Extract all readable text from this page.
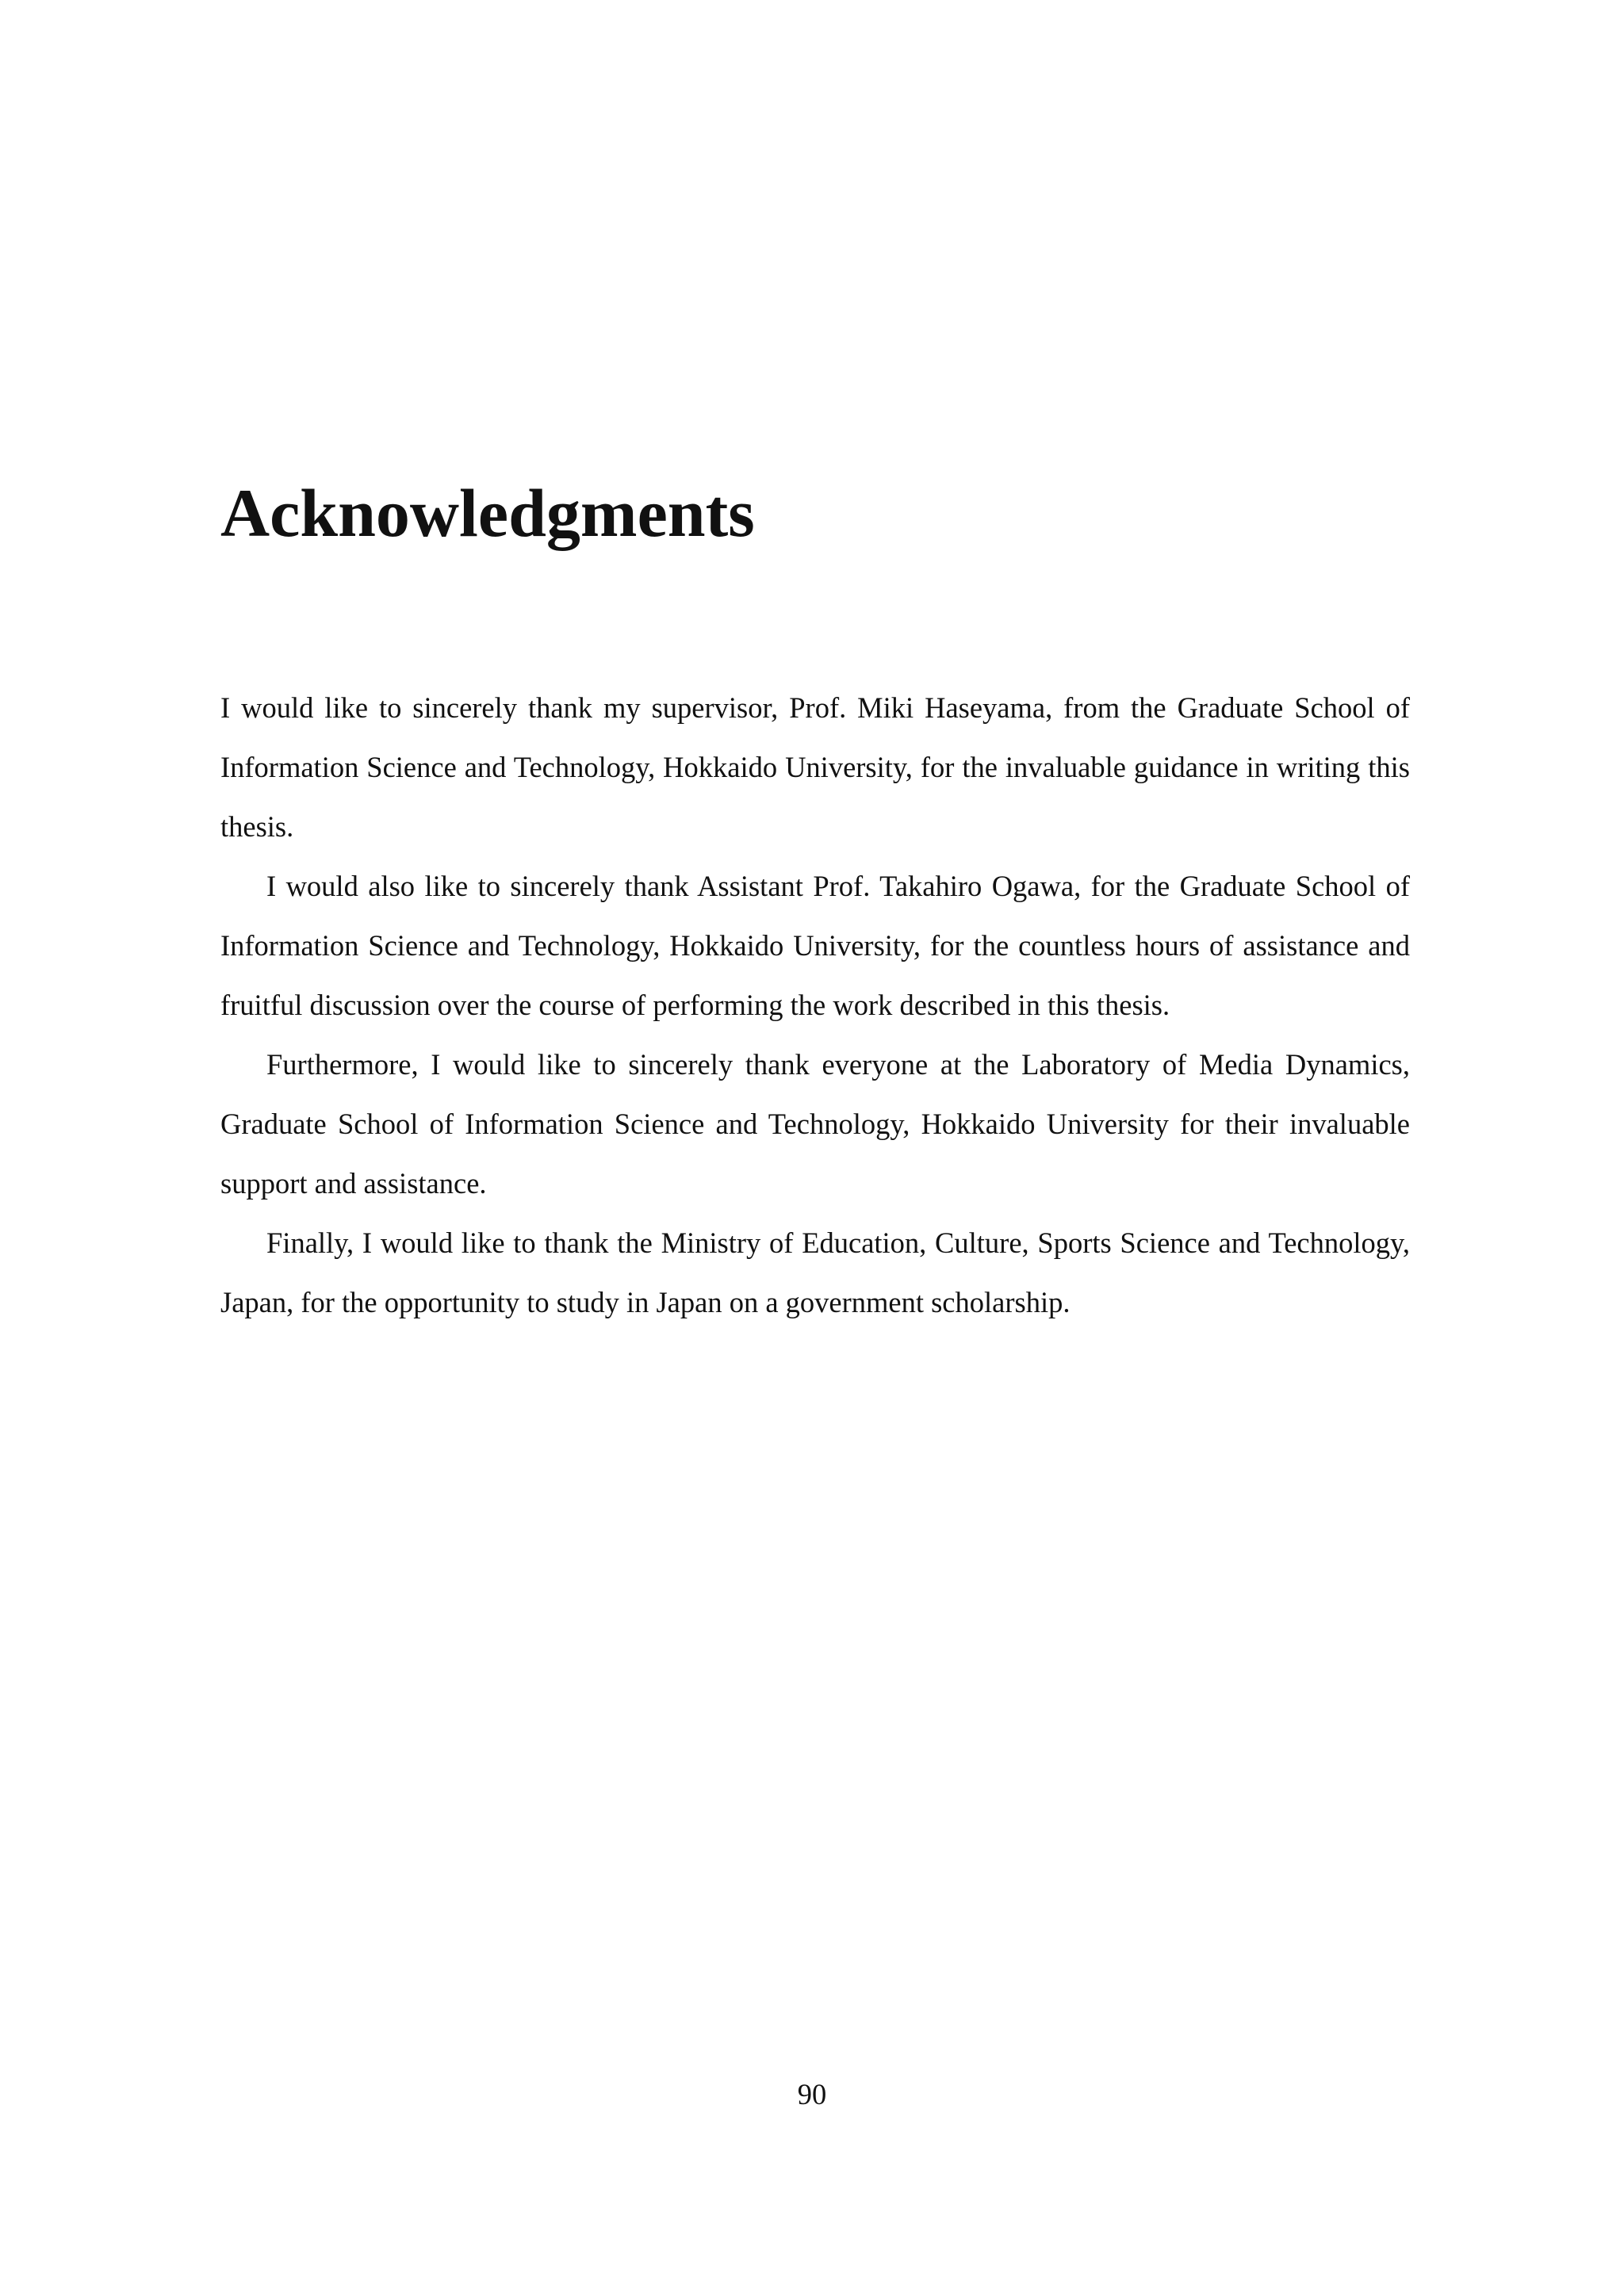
Acknowledgments

I would like to sincerely thank my supervisor, Prof. Miki Haseyama, from the Graduate School of Information Science and Technology, Hokkaido University, for the invaluable guidance in writing this thesis.

I would also like to sincerely thank Assistant Prof. Takahiro Ogawa, for the Graduate School of Information Science and Technology, Hokkaido University, for the countless hours of assistance and fruitful discussion over the course of performing the work described in this thesis.

Furthermore, I would like to sincerely thank everyone at the Laboratory of Media Dynamics, Graduate School of Information Science and Technology, Hokkaido University for their invaluable support and assistance.

Finally, I would like to thank the Ministry of Education, Culture, Sports Science and Technology, Japan, for the opportunity to study in Japan on a government scholarship.

90
